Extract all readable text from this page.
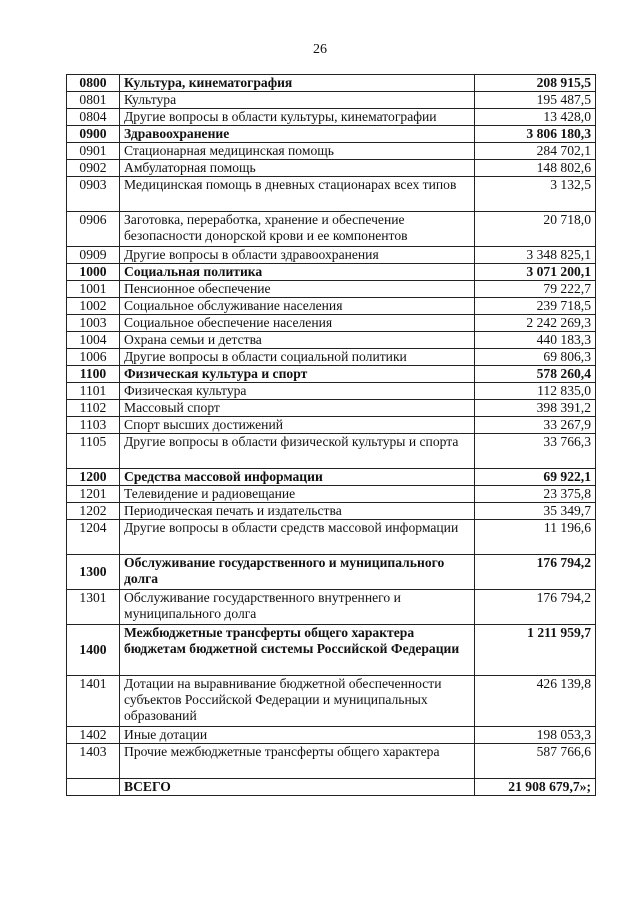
26
0800	Культура, кинематография	208 915,5
0801	Культура	195 487,5
0804	Другие вопросы в области культуры, кинематографии	13 428,0
0900	Здравоохранение	3 806 180,3
0901	Стационарная медицинская помощь	284 702,1
0902	Амбулаторная помощь	148 802,6
0903	Медицинская помощь в дневных стационарах всех типов	3 132,5
0906	Заготовка, переработка, хранение и обеспечение безопасности донорской крови и ее компонентов	20 718,0
0909	Другие вопросы в области здравоохранения	3 348 825,1
1000	Социальная политика	3 071 200,1
1001	Пенсионное обеспечение	79 222,7
1002	Социальное обслуживание населения	239 718,5
1003	Социальное обеспечение населения	2 242 269,3
1004	Охрана семьи и детства	440 183,3
1006	Другие вопросы в области социальной политики	69 806,3
1100	Физическая культура и спорт	578 260,4
1101	Физическая культура	112 835,0
1102	Массовый спорт	398 391,2
1103	Спорт высших достижений	33 267,9
1105	Другие вопросы в области физической культуры и спорта	33 766,3
1200	Средства массовой информации	69 922,1
1201	Телевидение и радиовещание	23 375,8
1202	Периодическая печать и издательства	35 349,7
1204	Другие вопросы в области средств массовой информации	11 196,6
1300	Обслуживание государственного и муниципального долга	176 794,2
1301	Обслуживание государственного внутреннего и муниципального долга	176 794,2
1400	Межбюджетные трансферты общего характера бюджетам бюджетной системы Российской Федерации	1 211 959,7
1401	Дотации на выравнивание бюджетной обеспеченности субъектов Российской Федерации и муниципальных образований	426 139,8
1402	Иные дотации	198 053,3
1403	Прочие межбюджетные трансферты общего характера	587 766,6
	ВСЕГО	21 908 679,7»;
